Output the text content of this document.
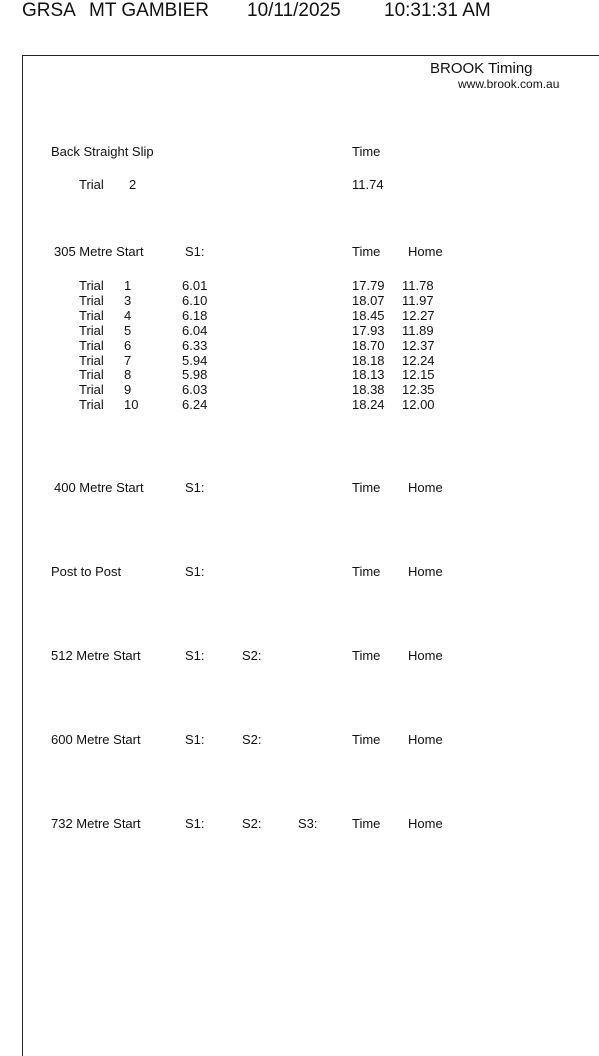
GRSA MT GAMBIER 10/11/2025 10:31:31 AM
BROOK Timing
www.brook.com.au
Back Straight Slip	Time
Trial 2	11.74
305 Metre Start	S1:	Time Home
Trial 1	6.01	17.79 11.78
Trial 3	6.10	18.07 11.97
Trial 4	6.18	18.45 12.27
Trial 5	6.04	17.93 11.89
Trial 6	6.33	18.70 12.37
Trial 7	5.94	18.18 12.24
Trial 8	5.98	18.13 12.15
Trial 9	6.03	18.38 12.35
Trial 10	6.24	18.24 12.00
400 Metre Start	S1:	Time Home
Post to Post	S1:	Time Home
512 Metre Start	S1:	S2:	Time Home
600 Metre Start	S1:	S2:	Time Home
732 Metre Start	S1:	S2:	S3:	Time Home
